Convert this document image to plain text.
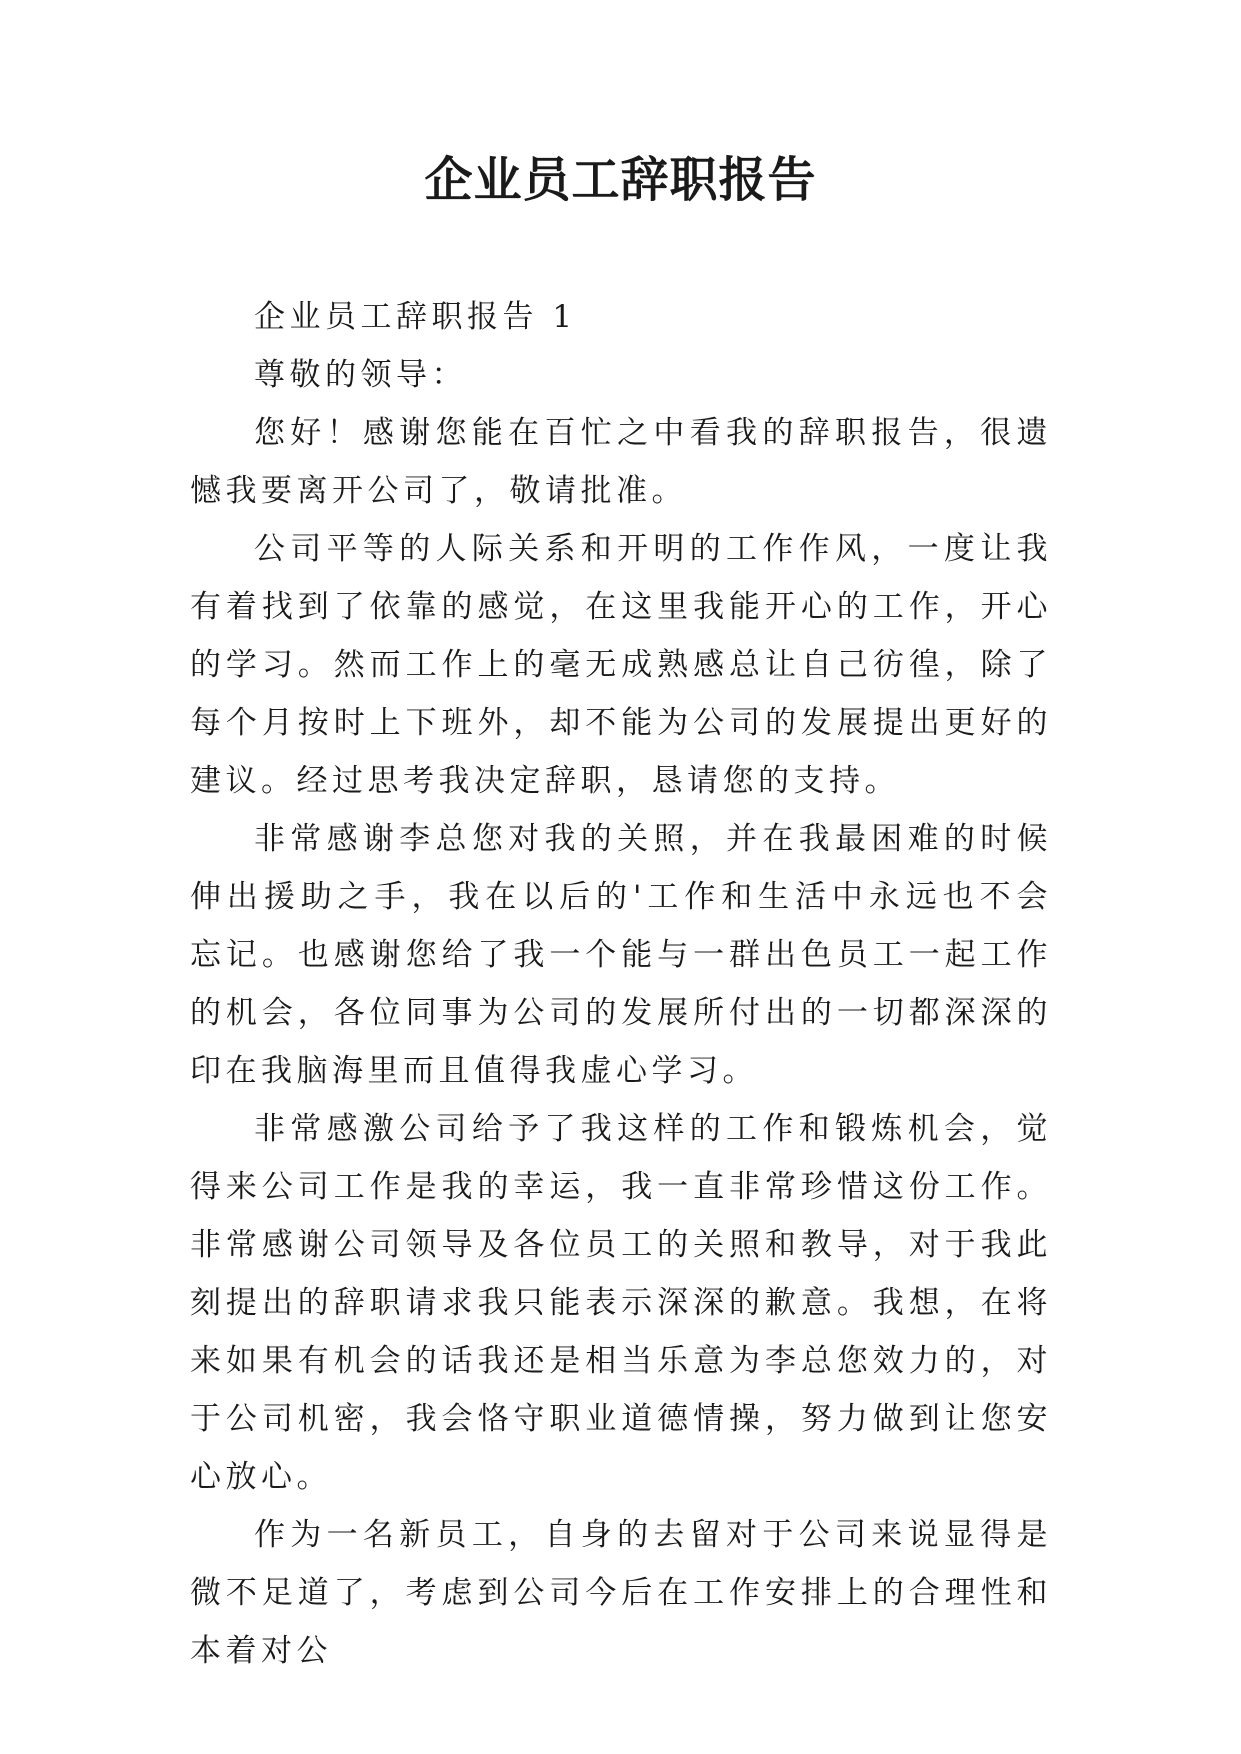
企业员工辞职报告

企业员工辞职报告 1

尊敬的领导：

您好！感谢您能在百忙之中看我的辞职报告，很遗憾我要离开公司了，敬请批准。

公司平等的人际关系和开明的工作作风，一度让我有着找到了依靠的感觉，在这里我能开心的工作，开心的学习。然而工作上的毫无成熟感总让自己彷徨，除了每个月按时上下班外，却不能为公司的发展提出更好的建议。经过思考我决定辞职，恳请您的支持。

非常感谢李总您对我的关照，并在我最困难的时候伸出援助之手，我在以后的'工作和生活中永远也不会忘记。也感谢您给了我一个能与一群出色员工一起工作的机会，各位同事为公司的发展所付出的一切都深深的印在我脑海里而且值得我虚心学习。

非常感激公司给予了我这样的工作和锻炼机会，觉得来公司工作是我的幸运，我一直非常珍惜这份工作。非常感谢公司领导及各位员工的关照和教导，对于我此刻提出的辞职请求我只能表示深深的歉意。我想，在将来如果有机会的话我还是相当乐意为李总您效力的，对于公司机密，我会恪守职业道德情操，努力做到让您安心放心。

作为一名新员工，自身的去留对于公司来说显得是微不足道了，考虑到公司今后在工作安排上的合理性和本着对公
